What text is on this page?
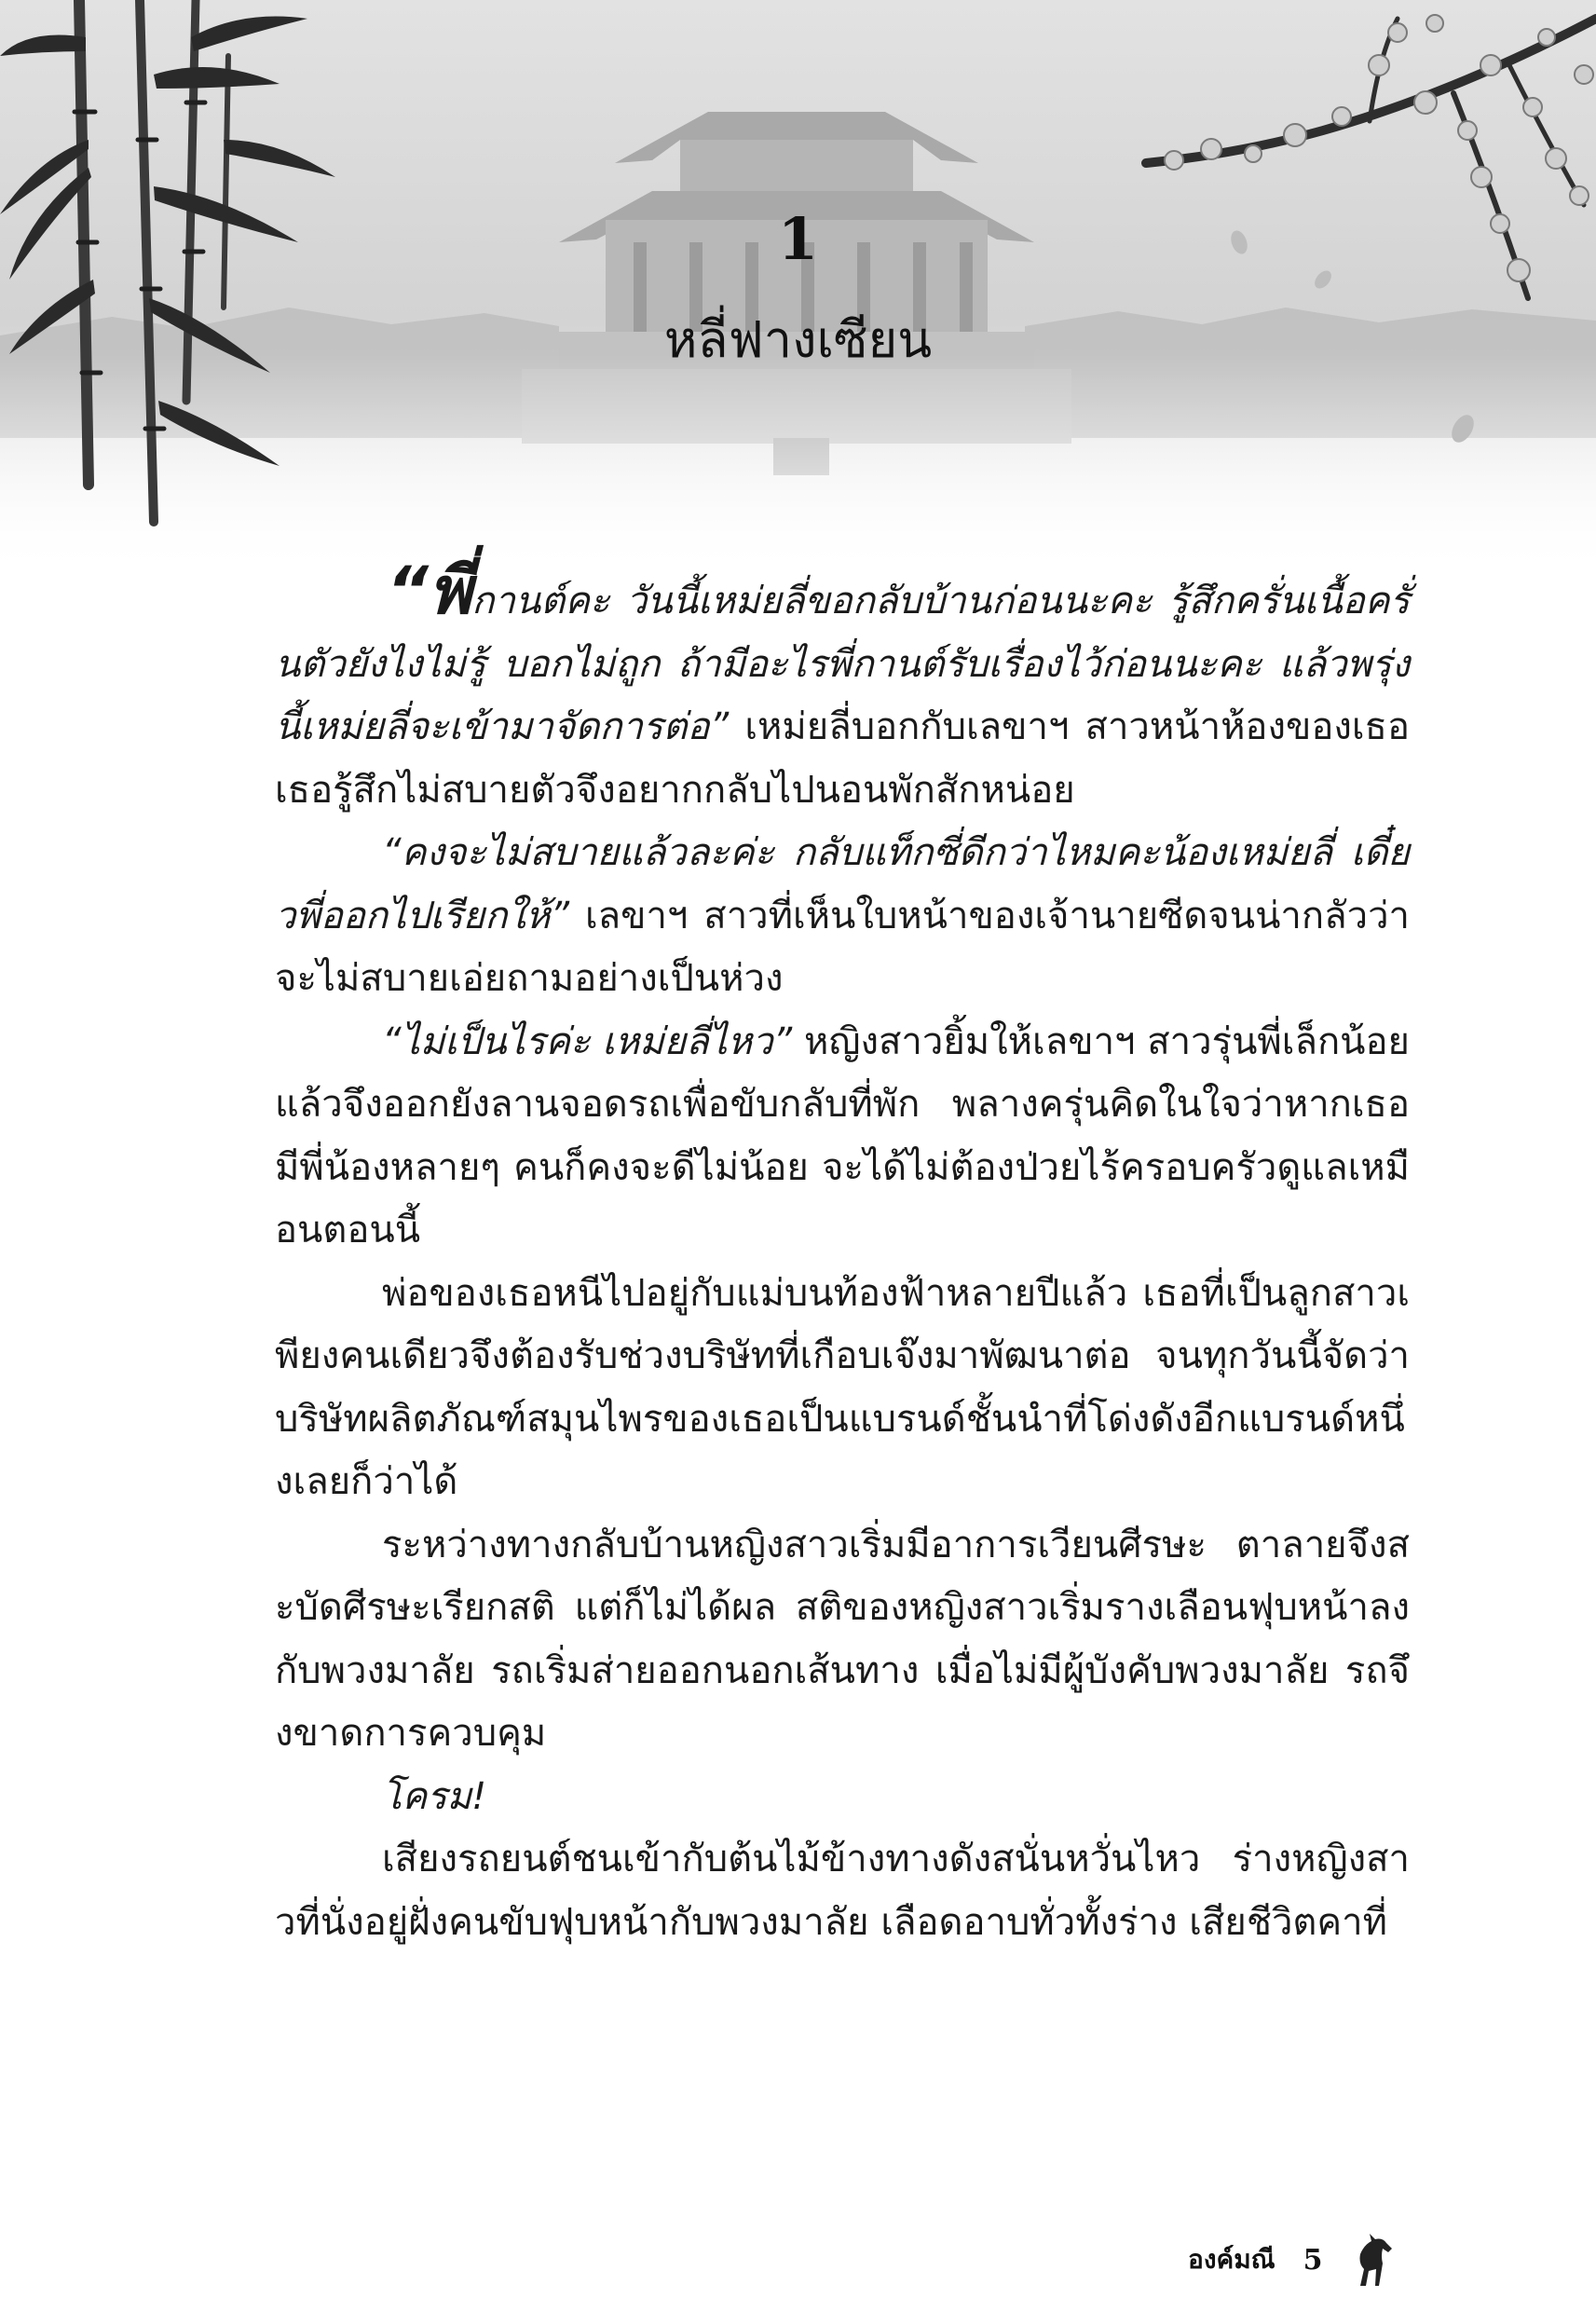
1
หลี่ฟางเซียน

“พี่กานต์คะ วันนี้เหม่ยลี่ขอกลับบ้านก่อนนะคะ รู้สึกครั่นเนื้อครั่นตัวยังไงไม่รู้ บอกไม่ถูก ถ้ามีอะไรพี่กานต์รับเรื่องไว้ก่อนนะคะ แล้วพรุ่งนี้เหม่ยลี่จะเข้ามาจัดการต่อ” เหม่ยลี่บอกกับเลขาฯ สาวหน้าห้องของเธอ เธอรู้สึกไม่สบายตัวจึงอยากกลับไปนอนพักสักหน่อย

“คงจะไม่สบายแล้วละค่ะ กลับแท็กซี่ดีกว่าไหมคะน้องเหม่ยลี่ เดี๋ยวพี่ออกไปเรียกให้” เลขาฯ สาวที่เห็นใบหน้าของเจ้านายซีดจนน่ากลัวว่าจะไม่สบายเอ่ยถามอย่างเป็นห่วง

“ไม่เป็นไรค่ะ เหม่ยลี่ไหว” หญิงสาวยิ้มให้เลขาฯ สาวรุ่นพี่เล็กน้อยแล้วจึงออกยังลานจอดรถเพื่อขับกลับที่พัก พลางครุ่นคิดในใจว่าหากเธอมีพี่น้องหลายๆ คนก็คงจะดีไม่น้อย จะได้ไม่ต้องป่วยไร้ครอบครัวดูแลเหมือนตอนนี้

พ่อของเธอหนีไปอยู่กับแม่บนท้องฟ้าหลายปีแล้ว เธอที่เป็นลูกสาวเพียงคนเดียวจึงต้องรับช่วงบริษัทที่เกือบเจ๊งมาพัฒนาต่อ จนทุกวันนี้จัดว่าบริษัทผลิตภัณฑ์สมุนไพรของเธอเป็นแบรนด์ชั้นนำที่โด่งดังอีกแบรนด์หนึ่งเลยก็ว่าได้

ระหว่างทางกลับบ้านหญิงสาวเริ่มมีอาการเวียนศีรษะ ตาลายจึงสะบัดศีรษะเรียกสติ แต่ก็ไม่ได้ผล สติของหญิงสาวเริ่มรางเลือนฟุบหน้าลงกับพวงมาลัย รถเริ่มส่ายออกนอกเส้นทาง เมื่อไม่มีผู้บังคับพวงมาลัย รถจึงขาดการควบคุม

โครม!

เสียงรถยนต์ชนเข้ากับต้นไม้ข้างทางดังสนั่นหวั่นไหว ร่างหญิงสาวที่นั่งอยู่ฝั่งคนขับฟุบหน้ากับพวงมาลัย เลือดอาบทั่วทั้งร่าง เสียชีวิตคาที่

องค์มณี 5
